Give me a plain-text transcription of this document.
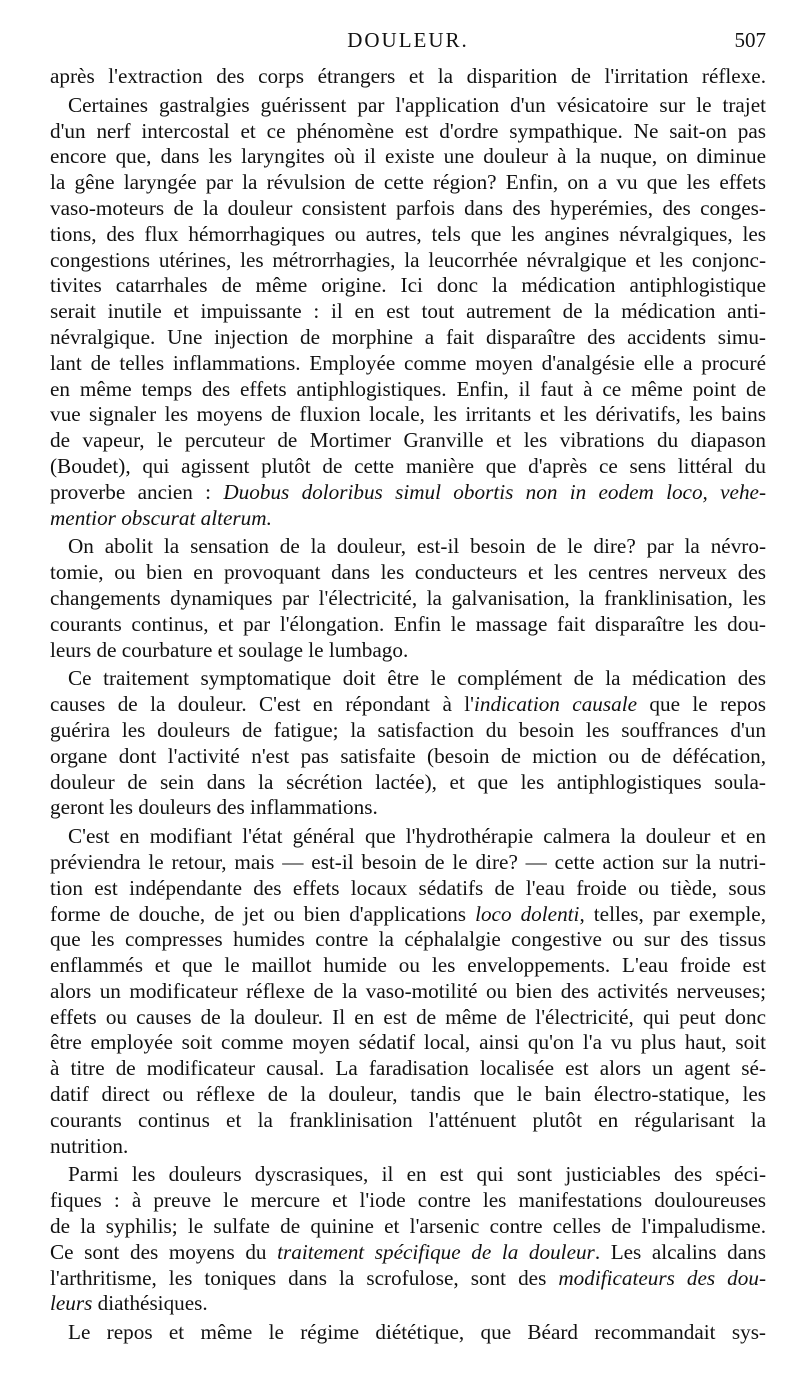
DOULEUR.	507
après l'extraction des corps étrangers et la disparition de l'irritation réflexe.
Certaines gastralgies guérissent par l'application d'un vésicatoire sur le trajet
d'un nerf intercostal et ce phénomène est d'ordre sympathique. Ne sait-on pas
encore que, dans les laryngites où il existe une douleur à la nuque, on diminue
la gêne laryngée par la révulsion de cette région? Enfin, on a vu que les effets
vaso-moteurs de la douleur consistent parfois dans des hyperémies, des conges-
tions, des flux hémorrhagiques ou autres, tels que les angines névralgiques, les
congestions utérines, les métrorrhagies, la leucorrhée névralgique et les conjonc-
tivites catarrhales de même origine. Ici donc la médication antiphlogistique
serait inutile et impuissante : il en est tout autrement de la médication anti-
névralgique. Une injection de morphine a fait disparaître des accidents simu-
lant de telles inflammations. Employée comme moyen d'analgésie elle a procuré
en même temps des effets antiphlogistiques. Enfin, il faut à ce même point de
vue signaler les moyens de fluxion locale, les irritants et les dérivatifs, les bains
de vapeur, le percuteur de Mortimer Granville et les vibrations du diapason
(Boudet), qui agissent plutôt de cette manière que d'après ce sens littéral du
proverbe ancien : Duobus doloribus simul obortis non in eodem loco, vehe-
mentior obscurat alterum.
On abolit la sensation de la douleur, est-il besoin de le dire? par la névro-
tomie, ou bien en provoquant dans les conducteurs et les centres nerveux des
changements dynamiques par l'électricité, la galvanisation, la franklinisation, les
courants continus, et par l'élongation. Enfin le massage fait disparaître les dou-
leurs de courbature et soulage le lumbago.
Ce traitement symptomatique doit être le complément de la médication des
causes de la douleur. C'est en répondant à l'indication causale que le repos
guérira les douleurs de fatigue; la satisfaction du besoin les souffrances d'un
organe dont l'activité n'est pas satisfaite (besoin de miction ou de défécation,
douleur de sein dans la sécrétion lactée), et que les antiphlogistiques soula-
geront les douleurs des inflammations.
C'est en modifiant l'état général que l'hydrothérapie calmera la douleur et en
préviendra le retour, mais — est-il besoin de le dire? — cette action sur la nutri-
tion est indépendante des effets locaux sédatifs de l'eau froide ou tiède, sous
forme de douche, de jet ou bien d'applications loco dolenti, telles, par exemple,
que les compresses humides contre la céphalalgie congestive ou sur des tissus
enflammés et que le maillot humide ou les enveloppements. L'eau froide est
alors un modificateur réflexe de la vaso-motilité ou bien des activités nerveuses;
effets ou causes de la douleur. Il en est de même de l'électricité, qui peut donc
être employée soit comme moyen sédatif local, ainsi qu'on l'a vu plus haut, soit
à titre de modificateur causal. La faradisation localisée est alors un agent sé-
datif direct ou réflexe de la douleur, tandis que le bain électro-statique, les
courants continus et la franklinisation l'atténuent plutôt en régularisant la
nutrition.
Parmi les douleurs dyscrasiques, il en est qui sont justiciables des spéci-
fiques : à preuve le mercure et l'iode contre les manifestations douloureuses
de la syphilis; le sulfate de quinine et l'arsenic contre celles de l'impaludisme.
Ce sont des moyens du traitement spécifique de la douleur. Les alcalins dans
l'arthritisme, les toniques dans la scrofulose, sont des modificateurs des dou-
leurs diathésiques.
Le repos et même le régime diététique, que Béard recommandait sys-
